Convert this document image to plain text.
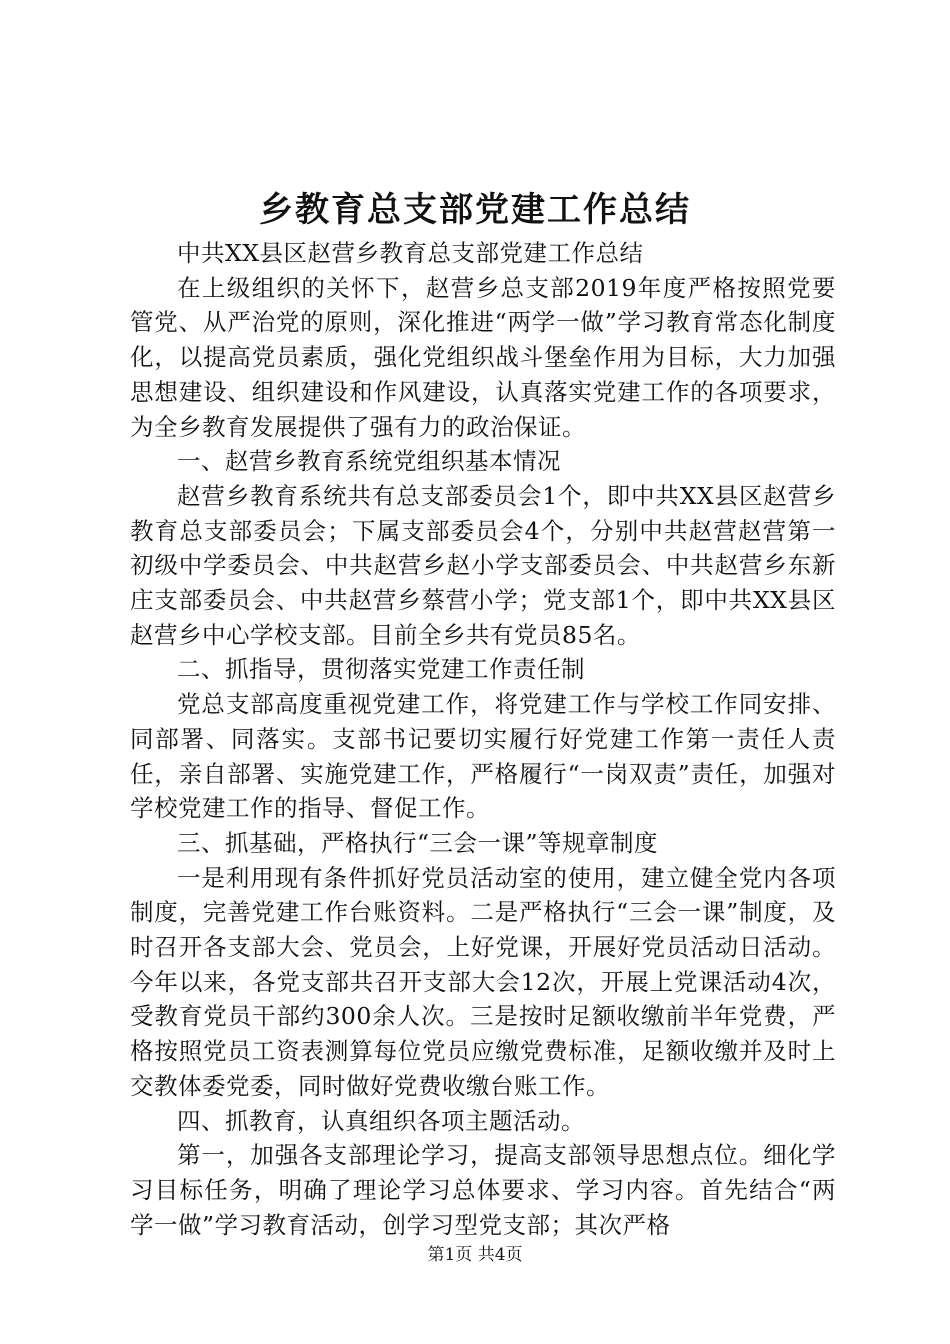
乡教育总支部党建工作总结

中共XX县区赵营乡教育总支部党建工作总结

在上级组织的关怀下，赵营乡总支部2019年度严格按照党要管党、从严治党的原则，深化推进“两学一做”学习教育常态化制度化，以提高党员素质，强化党组织战斗堡垒作用为目标，大力加强思想建设、组织建设和作风建设，认真落实党建工作的各项要求，为全乡教育发展提供了强有力的政治保证。

一、赵营乡教育系统党组织基本情况

赵营乡教育系统共有总支部委员会1个，即中共XX县区赵营乡教育总支部委员会；下属支部委员会4个，分别中共赵营赵营第一初级中学委员会、中共赵营乡赵小学支部委员会、中共赵营乡东新庄支部委员会、中共赵营乡蔡营小学；党支部1个，即中共XX县区赵营乡中心学校支部。目前全乡共有党员85名。

二、抓指导，贯彻落实党建工作责任制

党总支部高度重视党建工作，将党建工作与学校工作同安排、同部署、同落实。支部书记要切实履行好党建工作第一责任人责任，亲自部署、实施党建工作，严格履行“一岗双责”责任，加强对学校党建工作的指导、督促工作。

三、抓基础，严格执行“三会一课”等规章制度

一是利用现有条件抓好党员活动室的使用，建立健全党内各项制度，完善党建工作台账资料。二是严格执行“三会一课”制度，及时召开各支部大会、党员会，上好党课，开展好党员活动日活动。今年以来，各党支部共召开支部大会12次，开展上党课活动4次，受教育党员干部约300余人次。三是按时足额收缴前半年党费，严格按照党员工资表测算每位党员应缴党费标准，足额收缴并及时上交教体委党委，同时做好党费收缴台账工作。

四、抓教育，认真组织各项主题活动。

第一，加强各支部理论学习，提高支部领导思想点位。细化学习目标任务，明确了理论学习总体要求、学习内容。首先结合“两学一做”学习教育活动，创学习型党支部；其次严格

第1页 共4页
